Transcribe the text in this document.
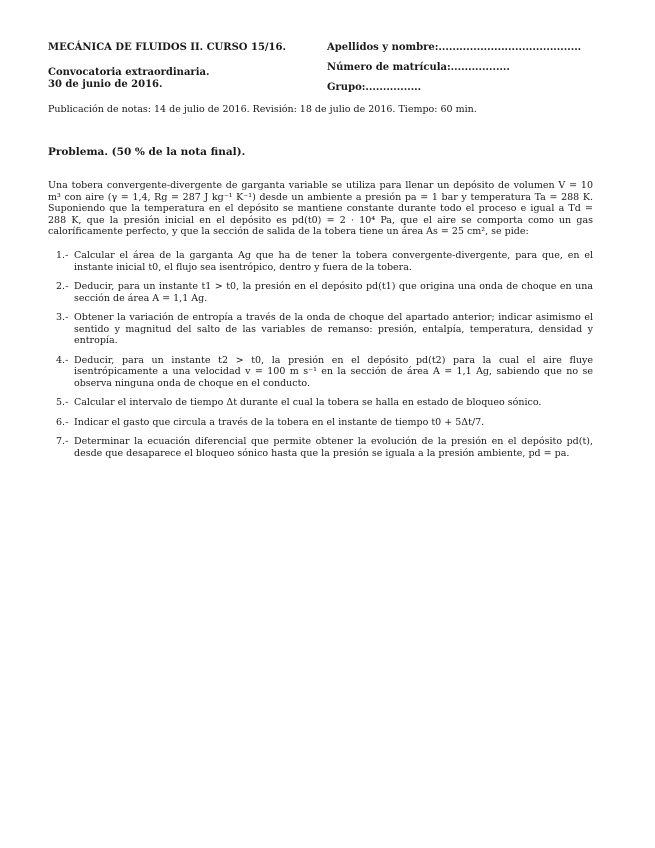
MECÁNICA DE FLUIDOS II. CURSO 15/16.
Convocatoria extraordinaria.
30 de junio de 2016.
Apellidos y nombre:.........................................
Número de matrícula:.................
Grupo:................
Publicación de notas: 14 de julio de 2016. Revisión: 18 de julio de 2016. Tiempo: 60 min.
Problema. (50 % de la nota final).
Una tobera convergente-divergente de garganta variable se utiliza para llenar un depósito de volumen V = 10 m³ con aire (γ = 1,4, Rg = 287 J kg⁻¹ K⁻¹) desde un ambiente a presión pa = 1 bar y temperatura Ta = 288 K. Suponiendo que la temperatura en el depósito se mantiene constante durante todo el proceso e igual a Td = 288 K, que la presión inicial en el depósito es pd(t0) = 2 · 10⁴ Pa, que el aire se comporta como un gas caloríficamente perfecto, y que la sección de salida de la tobera tiene un área As = 25 cm², se pide:
1.- Calcular el área de la garganta Ag que ha de tener la tobera convergente-divergente, para que, en el instante inicial t0, el flujo sea isentrópico, dentro y fuera de la tobera.
2.- Deducir, para un instante t1 > t0, la presión en el depósito pd(t1) que origina una onda de choque en una sección de área A = 1,1 Ag.
3.- Obtener la variación de entropía a través de la onda de choque del apartado anterior; indicar asimismo el sentido y magnitud del salto de las variables de remanso: presión, entalpía, temperatura, densidad y entropía.
4.- Deducir, para un instante t2 > t0, la presión en el depósito pd(t2) para la cual el aire fluye isentrópicamente a una velocidad v = 100 m s⁻¹ en la sección de área A = 1,1 Ag, sabiendo que no se observa ninguna onda de choque en el conducto.
5.- Calcular el intervalo de tiempo Δt durante el cual la tobera se halla en estado de bloqueo sónico.
6.- Indicar el gasto que circula a través de la tobera en el instante de tiempo t0 + 5Δt/7.
7.- Determinar la ecuación diferencial que permite obtener la evolución de la presión en el depósito pd(t), desde que desaparece el bloqueo sónico hasta que la presión se iguala a la presión ambiente, pd = pa.
